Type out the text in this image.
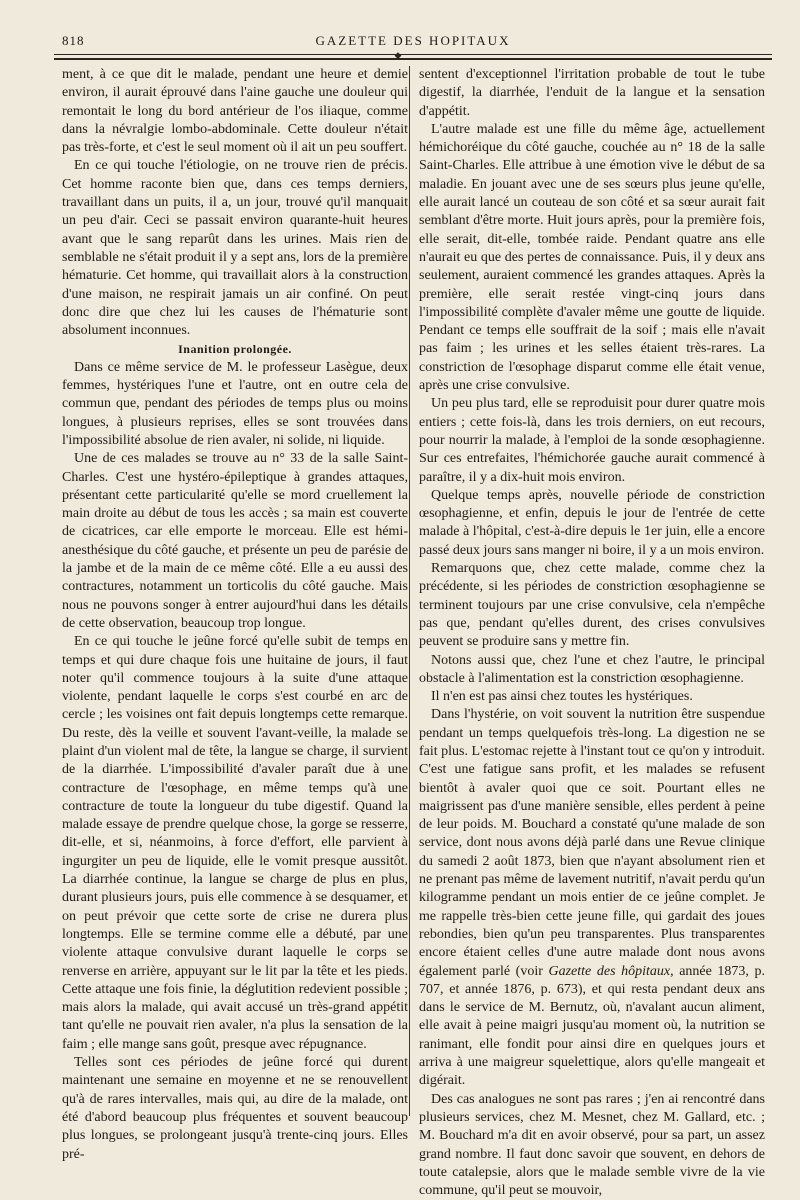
818	GAZETTE DES HOPITAUX
◆

ment, à ce que dit le malade, pendant une heure et demie environ, il aurait éprouvé dans l'aine gauche une douleur qui remontait le long du bord antérieur de l'os iliaque, comme dans la névralgie lombo-abdominale. Cette douleur n'était pas très-forte, et c'est le seul moment où il ait un peu souffert.

En ce qui touche l'étiologie, on ne trouve rien de précis. Cet homme raconte bien que, dans ces temps derniers, travaillant dans un puits, il a, un jour, trouvé qu'il manquait un peu d'air. Ceci se passait environ quarante-huit heures avant que le sang reparût dans les urines. Mais rien de semblable ne s'était produit il y a sept ans, lors de la première hématurie. Cet homme, qui travaillait alors à la construction d'une maison, ne respirait jamais un air confiné. On peut donc dire que chez lui les causes de l'hématurie sont absolument inconnues.

Inanition prolongée.

Dans ce même service de M. le professeur Lasègue, deux femmes, hystériques l'une et l'autre, ont en outre cela de commun que, pendant des périodes de temps plus ou moins longues, à plusieurs reprises, elles se sont trouvées dans l'impossibilité absolue de rien avaler, ni solide, ni liquide.

Une de ces malades se trouve au n° 33 de la salle Saint-Charles. C'est une hystéro-épileptique à grandes attaques, présentant cette particularité qu'elle se mord cruellement la main droite au début de tous les accès ; sa main est couverte de cicatrices, car elle emporte le morceau. Elle est hémi-anesthésique du côté gauche, et présente un peu de parésie de la jambe et de la main de ce même côté. Elle a eu aussi des contractures, notamment un torticolis du côté gauche. Mais nous ne pouvons songer à entrer aujourd'hui dans les détails de cette observation, beaucoup trop longue.

En ce qui touche le jeûne forcé qu'elle subit de temps en temps et qui dure chaque fois une huitaine de jours, il faut noter qu'il commence toujours à la suite d'une attaque violente, pendant laquelle le corps s'est courbé en arc de cercle ; les voisines ont fait depuis longtemps cette remarque. Du reste, dès la veille et souvent l'avant-veille, la malade se plaint d'un violent mal de tête, la langue se charge, il survient de la diarrhée. L'impossibilité d'avaler paraît due à une contracture de l'œsophage, en même temps qu'à une contracture de toute la longueur du tube digestif. Quand la malade essaye de prendre quelque chose, la gorge se resserre, dit-elle, et si, néanmoins, à force d'effort, elle parvient à ingurgiter un peu de liquide, elle le vomit presque aussitôt. La diarrhée continue, la langue se charge de plus en plus, durant plusieurs jours, puis elle commence à se desquamer, et on peut prévoir que cette sorte de crise ne durera plus longtemps. Elle se termine comme elle a débuté, par une violente attaque convulsive durant laquelle le corps se renverse en arrière, appuyant sur le lit par la tête et les pieds. Cette attaque une fois finie, la déglutition redevient possible ; mais alors la malade, qui avait accusé un très-grand appétit tant qu'elle ne pouvait rien avaler, n'a plus la sensation de la faim ; elle mange sans goût, presque avec répugnance.

Telles sont ces périodes de jeûne forcé qui durent maintenant une semaine en moyenne et ne se renouvellent qu'à de rares intervalles, mais qui, au dire de la malade, ont été d'abord beaucoup plus fréquentes et souvent beaucoup plus longues, se prolongeant jusqu'à trente-cinq jours. Elles pré-

sentent d'exceptionnel l'irritation probable de tout le tube digestif, la diarrhée, l'enduit de la langue et la sensation d'appétit.

L'autre malade est une fille du même âge, actuellement hémichoréique du côté gauche, couchée au n° 18 de la salle Saint-Charles. Elle attribue à une émotion vive le début de sa maladie. En jouant avec une de ses sœurs plus jeune qu'elle, elle aurait lancé un couteau de son côté et sa sœur aurait fait semblant d'être morte. Huit jours après, pour la première fois, elle serait, dit-elle, tombée raide. Pendant quatre ans elle n'aurait eu que des pertes de connaissance. Puis, il y deux ans seulement, auraient commencé les grandes attaques. Après la première, elle serait restée vingt-cinq jours dans l'impossibilité complète d'avaler même une goutte de liquide. Pendant ce temps elle souffrait de la soif ; mais elle n'avait pas faim ; les urines et les selles étaient très-rares. La constriction de l'œsophage disparut comme elle était venue, après une crise convulsive.

Un peu plus tard, elle se reproduisit pour durer quatre mois entiers ; cette fois-là, dans les trois derniers, on eut recours, pour nourrir la malade, à l'emploi de la sonde œsophagienne. Sur ces entrefaites, l'hémichorée gauche aurait commencé à paraître, il y a dix-huit mois environ.

Quelque temps après, nouvelle période de constriction œsophagienne, et enfin, depuis le jour de l'entrée de cette malade à l'hôpital, c'est-à-dire depuis le 1er juin, elle a encore passé deux jours sans manger ni boire, il y a un mois environ.

Remarquons que, chez cette malade, comme chez la précédente, si les périodes de constriction œsophagienne se terminent toujours par une crise convulsive, cela n'empêche pas que, pendant qu'elles durent, des crises convulsives peuvent se produire sans y mettre fin.

Notons aussi que, chez l'une et chez l'autre, le principal obstacle à l'alimentation est la constriction œsophagienne.

Il n'en est pas ainsi chez toutes les hystériques.

Dans l'hystérie, on voit souvent la nutrition être suspendue pendant un temps quelquefois très-long. La digestion ne se fait plus. L'estomac rejette à l'instant tout ce qu'on y introduit. C'est une fatigue sans profit, et les malades se refusent bientôt à avaler quoi que ce soit. Pourtant elles ne maigrissent pas d'une manière sensible, elles perdent à peine de leur poids. M. Bouchard a constaté qu'une malade de son service, dont nous avons déjà parlé dans une Revue clinique du samedi 2 août 1873, bien que n'ayant absolument rien et ne prenant pas même de lavement nutritif, n'avait perdu qu'un kilogramme pendant un mois entier de ce jeûne complet. Je me rappelle très-bien cette jeune fille, qui gardait des joues rebondies, bien qu'un peu transparentes. Plus transparentes encore étaient celles d'une autre malade dont nous avons également parlé (voir Gazette des hôpitaux, année 1873, p. 707, et année 1876, p. 673), et qui resta pendant deux ans dans le service de M. Bernutz, où, n'avalant aucun aliment, elle avait à peine maigri jusqu'au moment où, la nutrition se ranimant, elle fondit pour ainsi dire en quelques jours et arriva à une maigreur squelettique, alors qu'elle mangeait et digérait.

Des cas analogues ne sont pas rares ; j'en ai rencontré dans plusieurs services, chez M. Mesnet, chez M. Gallard, etc. ; M. Bouchard m'a dit en avoir observé, pour sa part, un assez grand nombre. Il faut donc savoir que souvent, en dehors de toute catalepsie, alors que le malade semble vivre de la vie commune, qu'il peut se mouvoir,
